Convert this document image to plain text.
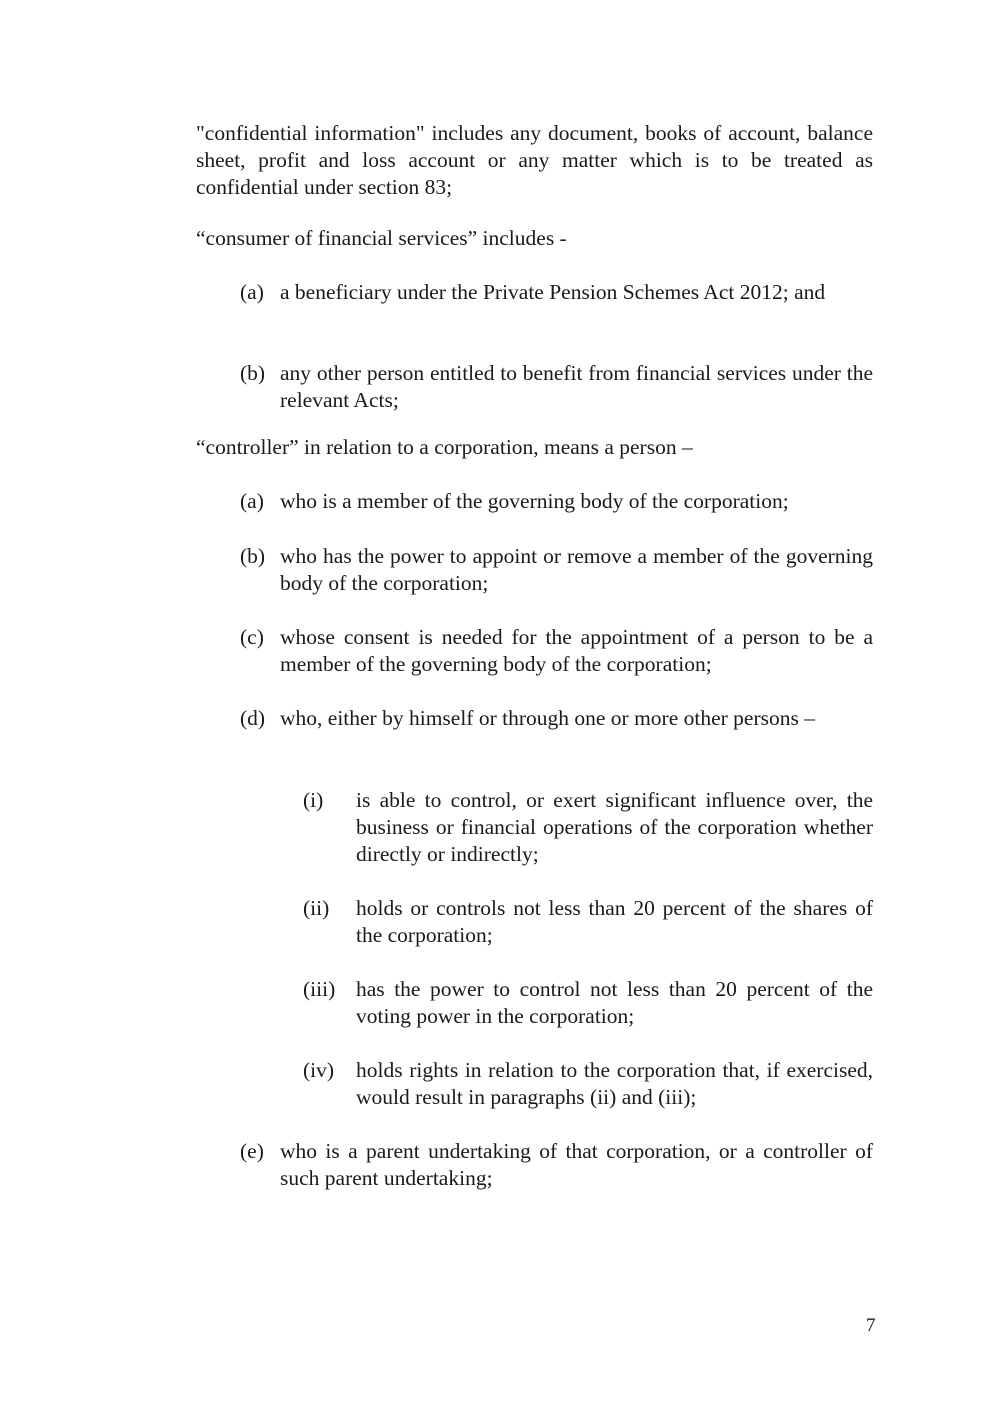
"confidential information" includes any document, books of account, balance sheet, profit and loss account or any matter which is to be treated as confidential under section 83;

“consumer of financial services” includes -

(a) a beneficiary under the Private Pension Schemes Act 2012; and
(b) any other person entitled to benefit from financial services under the relevant Acts;

“controller” in relation to a corporation, means a person –

(a) who is a member of the governing body of the corporation;
(b) who has the power to appoint or remove a member of the governing body of the corporation;
(c) whose consent is needed for the appointment of a person to be a member of the governing body of the corporation;
(d) who, either by himself or through one or more other persons –
(i) is able to control, or exert significant influence over, the business or financial operations of the corporation whether directly or indirectly;
(ii) holds or controls not less than 20 percent of the shares of the corporation;
(iii) has the power to control not less than 20 percent of the voting power in the corporation;
(iv) holds rights in relation to the corporation that, if exercised, would result in paragraphs (ii) and (iii);
(e) who is a parent undertaking of that corporation, or a controller of such parent undertaking;
7
